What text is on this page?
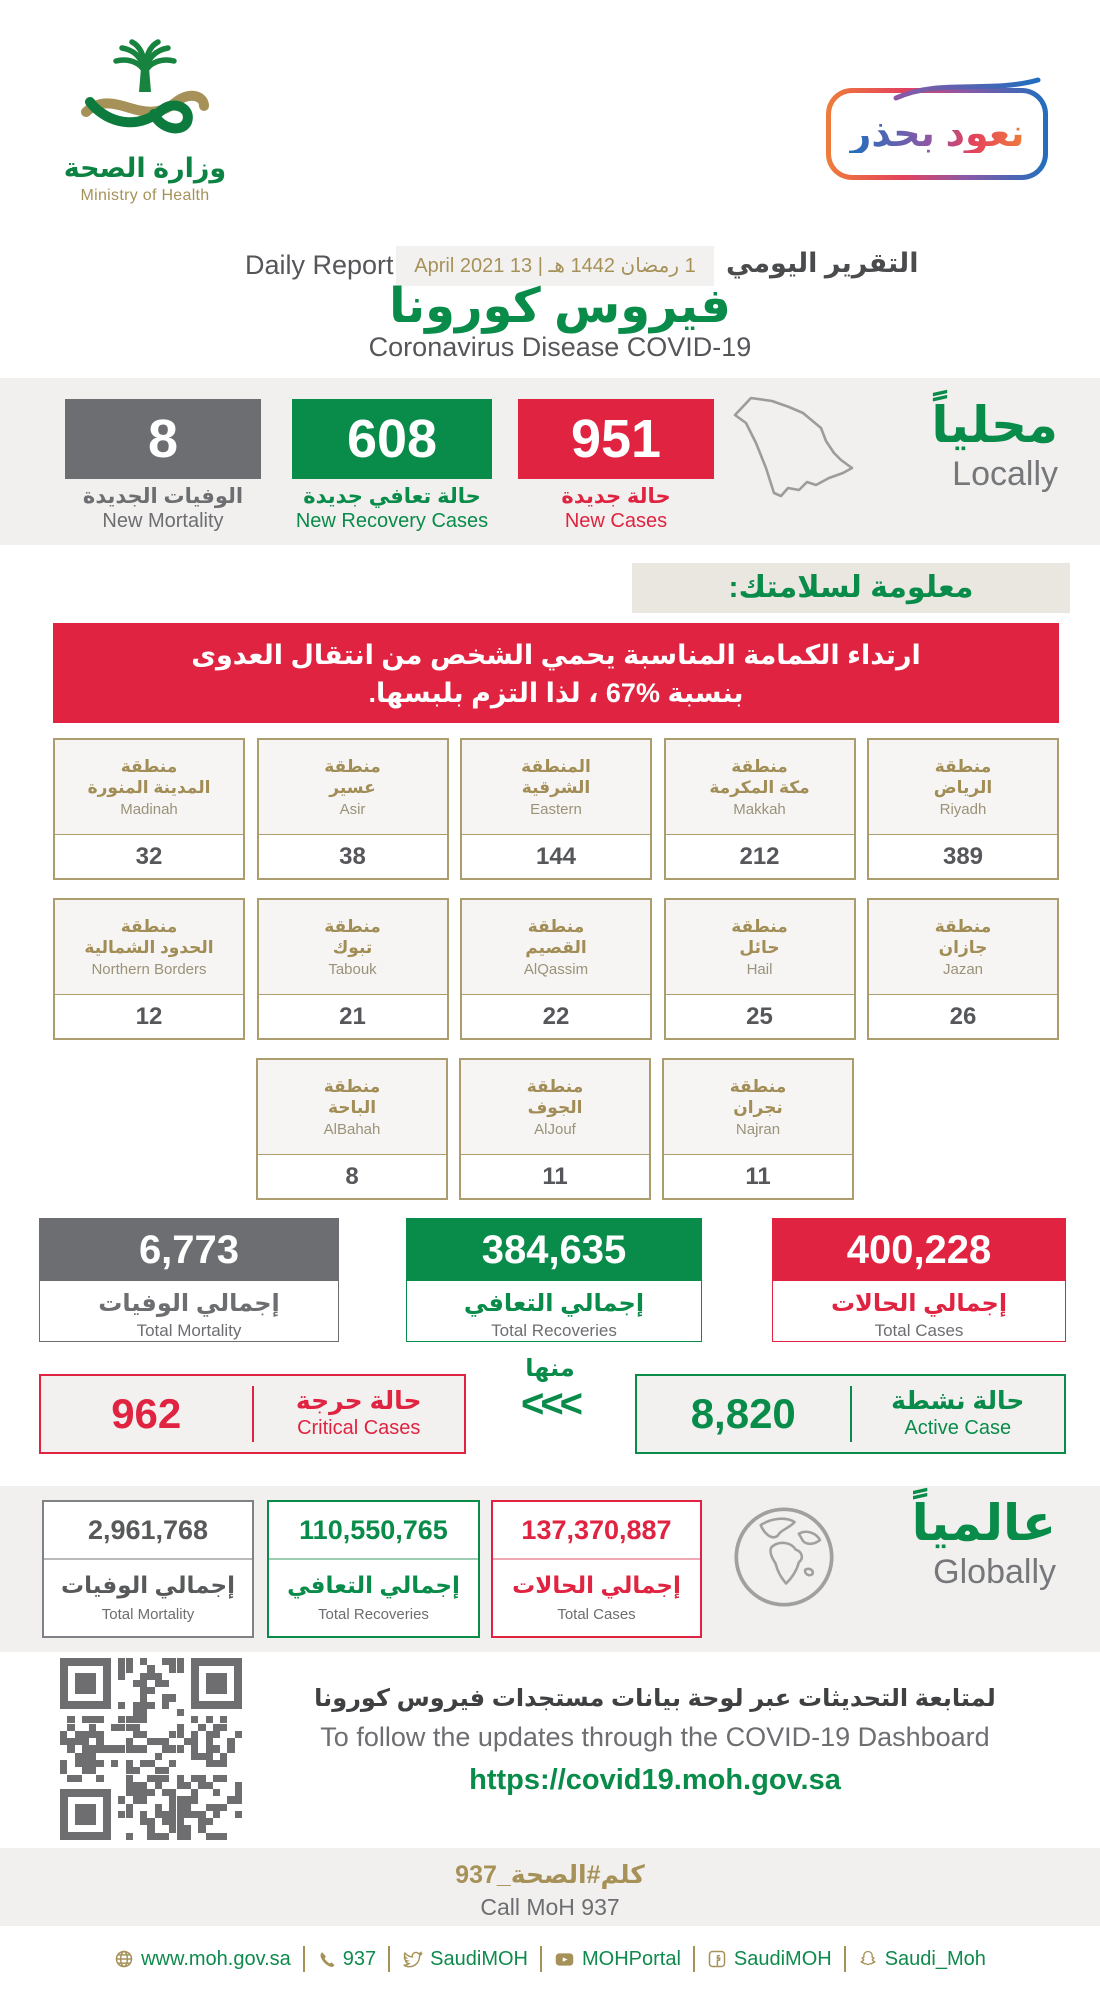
وزارة الصحة
Ministry of Health
نعود بحذر
Daily Report	1 رمضان 1442 هـ | 13 April 2021	التقرير اليومي
فيروس كورونا
Coronavirus Disease COVID-19
8
الوفيات الجديدة
New Mortality
608
حالة تعافي جديدة
New Recovery Cases
951
حالة جديدة
New Cases
محلياً
Locally
معلومة لسلامتك:
ارتداء الكمامة المناسبة يحمي الشخص من انتقال العدوى
بنسبة %67 ، لذا التزم بلبسها.
منطقة
المدينة المنورة
Madinah
32
منطقة
عسير
Asir
38
المنطقة
الشرقية
Eastern
144
منطقة
مكة المكرمة
Makkah
212
منطقة
الرياض
Riyadh
389
منطقة
الحدود الشمالية
Northern Borders
12
منطقة
تبوك
Tabouk
21
منطقة
القصيم
AlQassim
22
منطقة
حائل
Hail
25
منطقة
جازان
Jazan
26
منطقة
الباحة
AlBahah
8
منطقة
الجوف
AlJouf
11
منطقة
نجران
Najran
11
6,773
إجمالي الوفيات
Total Mortality
384,635
إجمالي التعافي
Total Recoveries
400,228
إجمالي الحالات
Total Cases
962	حالة حرجة
Critical Cases
منها
<<<	8,820	حالة نشطة
Active Case
2,961,768
إجمالي الوفيات
Total Mortality
110,550,765
إجمالي التعافي
Total Recoveries
137,370,887
إجمالي الحالات
Total Cases
عالمياً
Globally
لمتابعة التحديثات عبر لوحة بيانات مستجدات فيروس كورونا
To follow the updates through the COVID-19 Dashboard
https://covid19.moh.gov.sa
كلم#الصحة_937
Call MoH 937
www.moh.gov.sa	937	SaudiMOH	MOHPortal	SaudiMOH	Saudi_Moh
